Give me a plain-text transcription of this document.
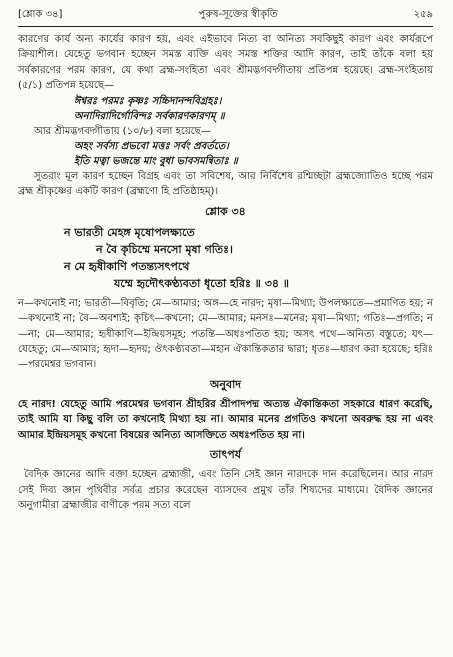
[শ্লোক ৩৪]	পুরুষ-সূক্তের স্বীকৃতি	২৫৯

কারণের কার্য অন্য কার্যের কারণ হয়, এবং এইভাবে নিত্য বা অনিত্য সবকিছুই কারণ এবং কার্যরূপে ক্রিয়াশীল। যেহেতু ভগবান হচ্ছেন সমস্ত ব্যক্তি এবং সমস্ত শক্তির আদি কারণ, তাই তাঁকে বলা হয় সর্বকারণের পরম কারণ, যে কথা ব্রহ্ম-সংহিতা এবং শ্রীমদ্ভগবদ্গীতায় প্রতিপন্ন হয়েছে। ব্রহ্ম-সংহিতায় (৫/১) প্রতিপন্ন হয়েছে—

ঈশ্বরঃ পরমঃ কৃষ্ণঃ সচ্চিদানন্দবিগ্রহঃ।

অনাদিরাদির্গোবিন্দঃ সর্বকারণকারণম্‌ ॥

আর শ্রীমদ্ভগবদ্গীতায় (১০/৮) বলা হয়েছে—

অহং সর্বস্য প্রভবো মত্তঃ সর্বং প্রবর্ততে।

ইতি মত্বা ভজন্তে মাং বুধা ভাবসমন্বিতাঃ ॥

সুতরাং মূল কারণ হচ্ছেন বিগ্রহ এবং তা সবিশেষ, আর নির্বিশেষ রশ্মিচ্ছটা ব্রহ্মজ্যোতিও হচ্ছে পরম ব্রহ্ম শ্রীকৃষ্ণের একটি কারণ (ব্রহ্মণো হি প্রতিষ্ঠাহম্)।

শ্লোক ৩৪

ন ভারতী মেহঙ্গ মৃষোপলক্ষ্যতে

ন বৈ কৃচিম্মে মনসো মৃষা গতিঃ।

ন মে হৃষীকাণি পতন্ত্যসৎপথে

যম্মে হৃদৌৎকণ্ঠ্যবতা ধৃতো হরিঃ ॥ ৩৪ ॥

ন—কখনোই না; ভারতী—বিবৃতি; মে—আমার; অঙ্গ—হে নারদ; মৃষা—মিথ্যা; উপলক্ষ্যতে—প্রমাণিত হয়; ন—কখনোই না; বৈ—অবশ্যই; কৃচিৎ—কখনো; মে—আমার; মনসঃ—মনের; মৃষা—মিথ্যা; গতিঃ—প্রগতি; ন—না; মে—আমার; হৃষীকাণি—ইন্দ্রিয়সমূহ; পতন্তি—অধঃপতিত হয়; অসৎ পথে—অনিত্য বস্তুতে; যৎ—যেহেতু; মে—আমার; হৃদা—হৃদয়; ঔৎকণ্ঠ্যবতা—মহান ঐকান্তিকতার দ্বারা; ধৃতঃ—ধারণ করা হয়েছে; হরিঃ—পরমেশ্বর ভগবান।

অনুবাদ

হে নারদ! যেহেতু আমি পরমেশ্বর ভগবান শ্রীহরির শ্রীপাদপদ্ম অত্যন্ত ঐকান্তিকতা সহকারে ধারণ করেছি, তাই আমি যা কিছু বলি তা কখনোই মিথ্যা হয় না। আমার মনের প্রগতিও কখনো অবরুদ্ধ হয় না এবং আমার ইন্দ্রিয়সমূহ কখনো বিষয়ের অনিত্য আসক্তিতে অধঃপতিত হয় না।

তাৎপর্য

বৈদিক জ্ঞানের আদি বক্তা হচ্ছেন ব্রহ্মাজী, এবং তিনি সেই জ্ঞান নারদকে দান করেছিলেন। আর নারদ সেই দিব্য জ্ঞান পৃথিবীর সর্বত্র প্রচার করেছেন ব্যাসদেব প্রমুখ তাঁর শিষ্যদের মাধ্যমে। বৈদিক জ্ঞানের অনুগামীরা ব্রহ্মাজীর বাণীকে পরম সত্য বলে
